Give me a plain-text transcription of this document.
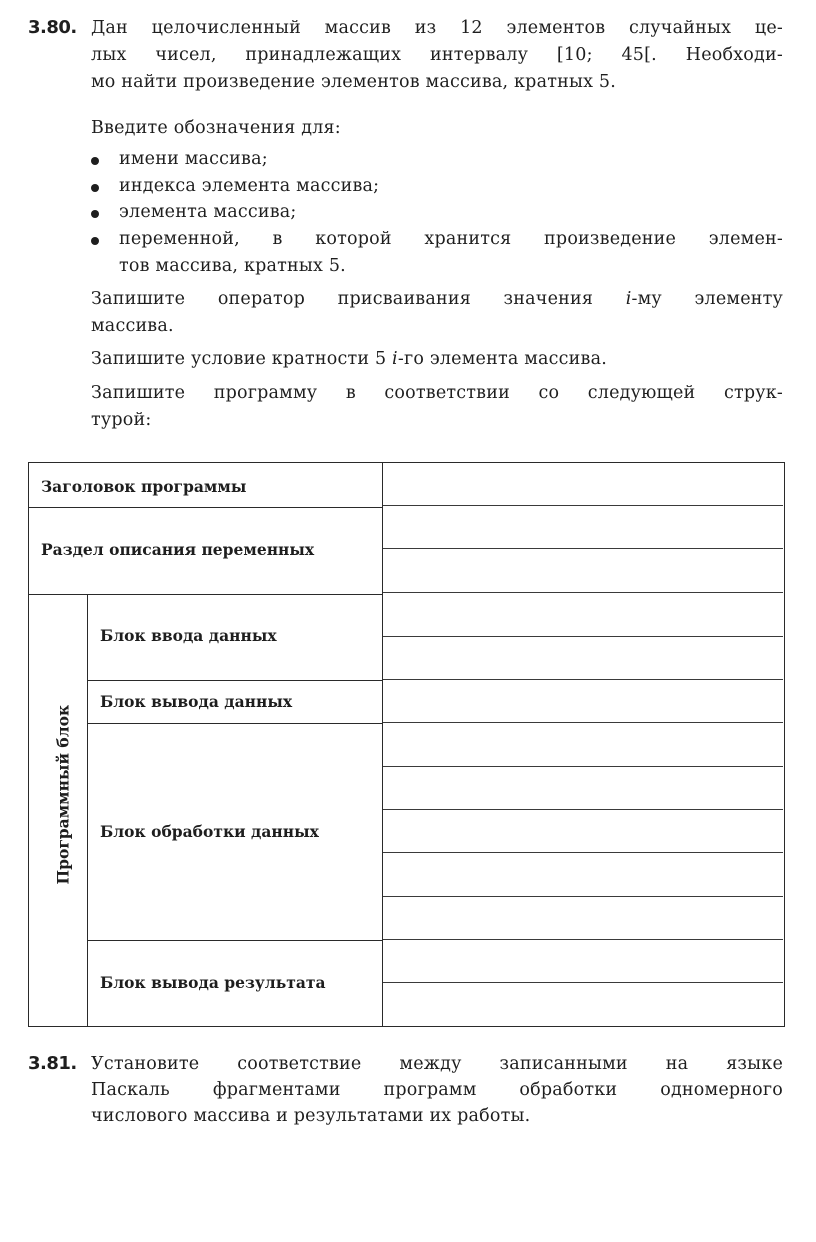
3.80. Дан целочисленный массив из 12 элементов случайных це-
лых чисел, принадлежащих интервалу [10; 45[. Необходи-
мо найти произведение элементов массива, кратных 5.
Введите обозначения для:
имени массива;
индекса элемента массива;
элемента массива;
переменной, в которой хранится произведение элемен-
тов массива, кратных 5.
Запишите оператор присваивания значения i-му элементу
массива.
Запишите условие кратности 5 i-го элемента массива.
Запишите программу в соответствии со следующей струк-
турой:
Заголовок программы
Раздел описания переменных
Блок ввода данных
Блок вывода данных
Блок обработки данных
Блок вывода результата
Программный блок
3.81. Установите соответствие между записанными на языке
Паскаль фрагментами программ обработки одномерного
числового массива и результатами их работы.
